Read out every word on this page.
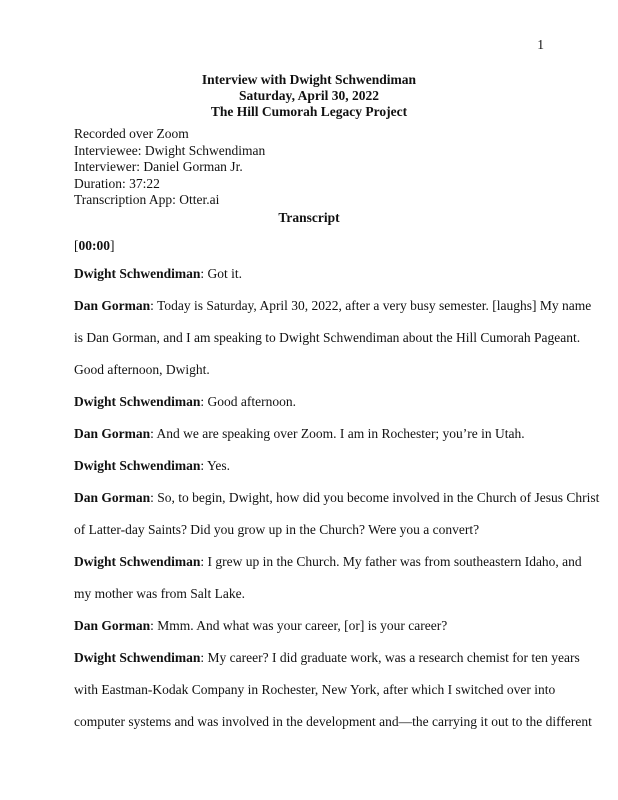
1
Interview with Dwight Schwendiman
Saturday, April 30, 2022
The Hill Cumorah Legacy Project
Recorded over Zoom
Interviewee: Dwight Schwendiman
Interviewer: Daniel Gorman Jr.
Duration: 37:22
Transcription App: Otter.ai
Transcript
[00:00]
Dwight Schwendiman: Got it.
Dan Gorman: Today is Saturday, April 30, 2022, after a very busy semester. [laughs] My name
is Dan Gorman, and I am speaking to Dwight Schwendiman about the Hill Cumorah Pageant.
Good afternoon, Dwight.
Dwight Schwendiman: Good afternoon.
Dan Gorman: And we are speaking over Zoom. I am in Rochester; you’re in Utah.
Dwight Schwendiman: Yes.
Dan Gorman: So, to begin, Dwight, how did you become involved in the Church of Jesus Christ
of Latter-day Saints? Did you grow up in the Church? Were you a convert?
Dwight Schwendiman: I grew up in the Church. My father was from southeastern Idaho, and
my mother was from Salt Lake.
Dan Gorman: Mmm. And what was your career, [or] is your career?
Dwight Schwendiman: My career? I did graduate work, was a research chemist for ten years
with Eastman-Kodak Company in Rochester, New York, after which I switched over into
computer systems and was involved in the development and—the carrying it out to the different
